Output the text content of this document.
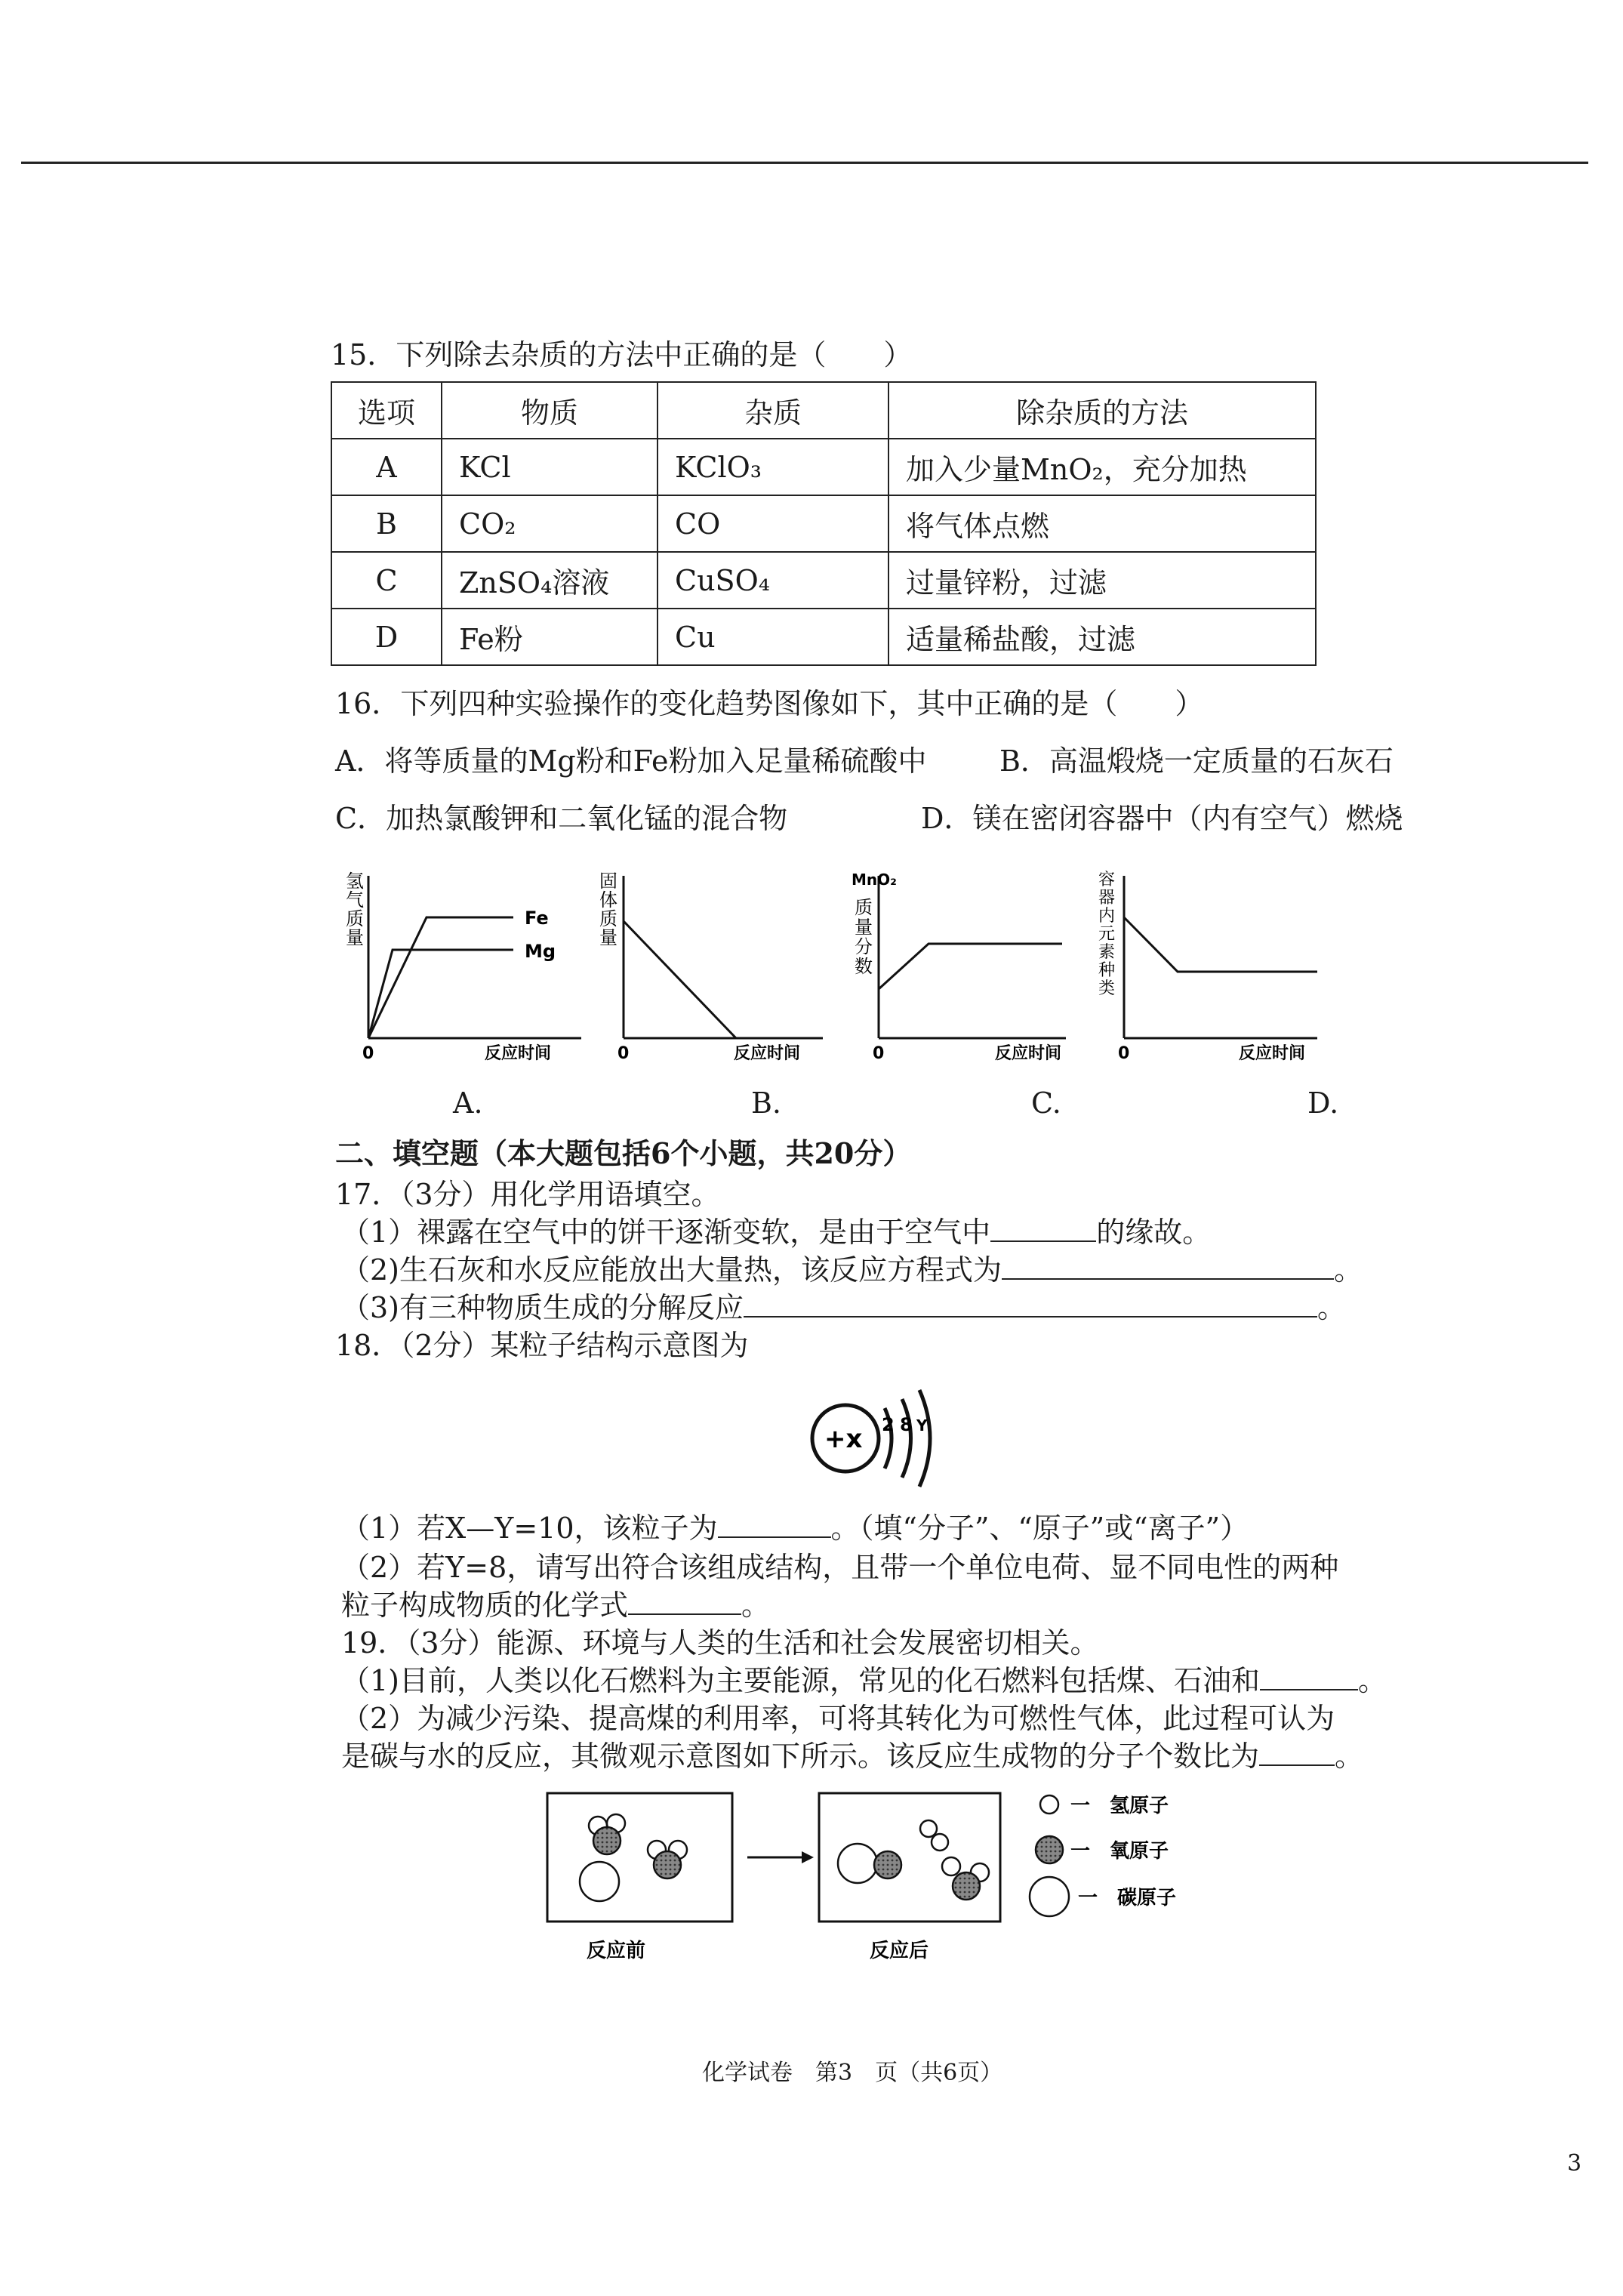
15．下列除去杂质的方法中正确的是（　　）
选项	物质	杂质	除杂质的方法
A	KCl	KClO₃	加入少量MnO₂，充分加热
B	CO₂	CO	将气体点燃
C	ZnSO₄溶液	CuSO₄	过量锌粉，过滤
D	Fe粉	Cu	适量稀盐酸，过滤
16．下列四种实验操作的变化趋势图像如下，其中正确的是（　　）
A．将等质量的Mg粉和Fe粉加入足量稀硫酸中	B．高温煅烧一定质量的石灰石
C．加热氯酸钾和二氧化锰的混合物	D．镁在密闭容器中（内有空气）燃烧
氢
气
质
量
Fe
Mg
0	反应时间
A.
固
体
质
量
0	反应时间
B.
MnO₂
质
量
分
数
0	反应时间
C.
容
器
内
元
素
种
类
0	反应时间
D.
二、填空题（本大题包括6个小题，共20分）
17．（3分）用化学用语填空。
（1）裸露在空气中的饼干逐渐变软，是由于空气中	的缘故。
（2)生石灰和水反应能放出大量热，该反应方程式为	。
（3)有三种物质生成的分解反应	。
18．（2分）某粒子结构示意图为
+x 2 8 Y
（1）若X—Y=10，该粒子为	。（填“分子”、“原子”或“离子”）
（2）若Y=8，请写出符合该组成结构，且带一个单位电荷、显不同电性的两种
粒子构成物质的化学式	。
19．（3分）能源、环境与人类的生活和社会发展密切相关。
（1)目前，人类以化石燃料为主要能源，常见的化石燃料包括煤、石油和	。
（2）为减少污染、提高煤的利用率，可将其转化为可燃性气体，此过程可认为
是碳与水的反应，其微观示意图如下所示。该反应生成物的分子个数比为	。
反应前	反应后
一　氢原子
一　氧原子
一　碳原子
化学试卷　第3　页（共6页）
3
